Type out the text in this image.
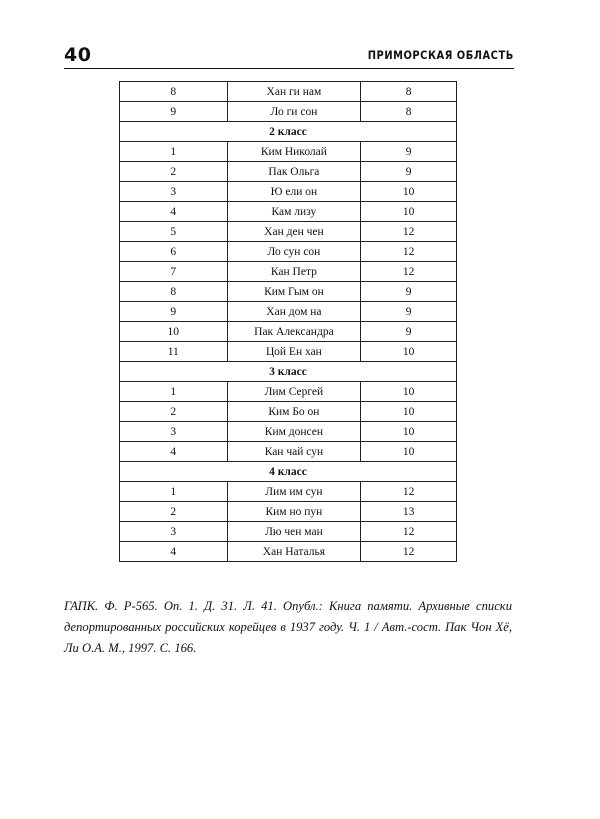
40	ПРИМОРСКАЯ ОБЛАСТЬ
8	Хан ги нам	8
9	Ло ги сон	8
2 класс		
1	Ким Николай	9
2	Пак Ольга	9
3	Ю ели он	10
4	Кам лизу	10
5	Хан ден чен	12
6	Ло сун сон	12
7	Кан Петр	12
8	Ким Гым он	9
9	Хан дом на	9
10	Пак Александра	9
11	Цой Ен хан	10
3 класс		
1	Лим Сергей	10
2	Ким Бо он	10
3	Ким донсен	10
4	Кан чай сун	10
4 класс		
1	Лим им сун	12
2	Ким но пун	13
3	Лю чен ман	12
4	Хан Наталья	12
ГАПК. Ф. Р-565. Оп. 1. Д. 31. Л. 41. Опубл.: Книга памяти. Архивные списки депортированных российских корейцев в 1937 году. Ч. 1 / Авт.-сост. Пак Чон Хё, Ли О.А. М., 1997. С. 166.
